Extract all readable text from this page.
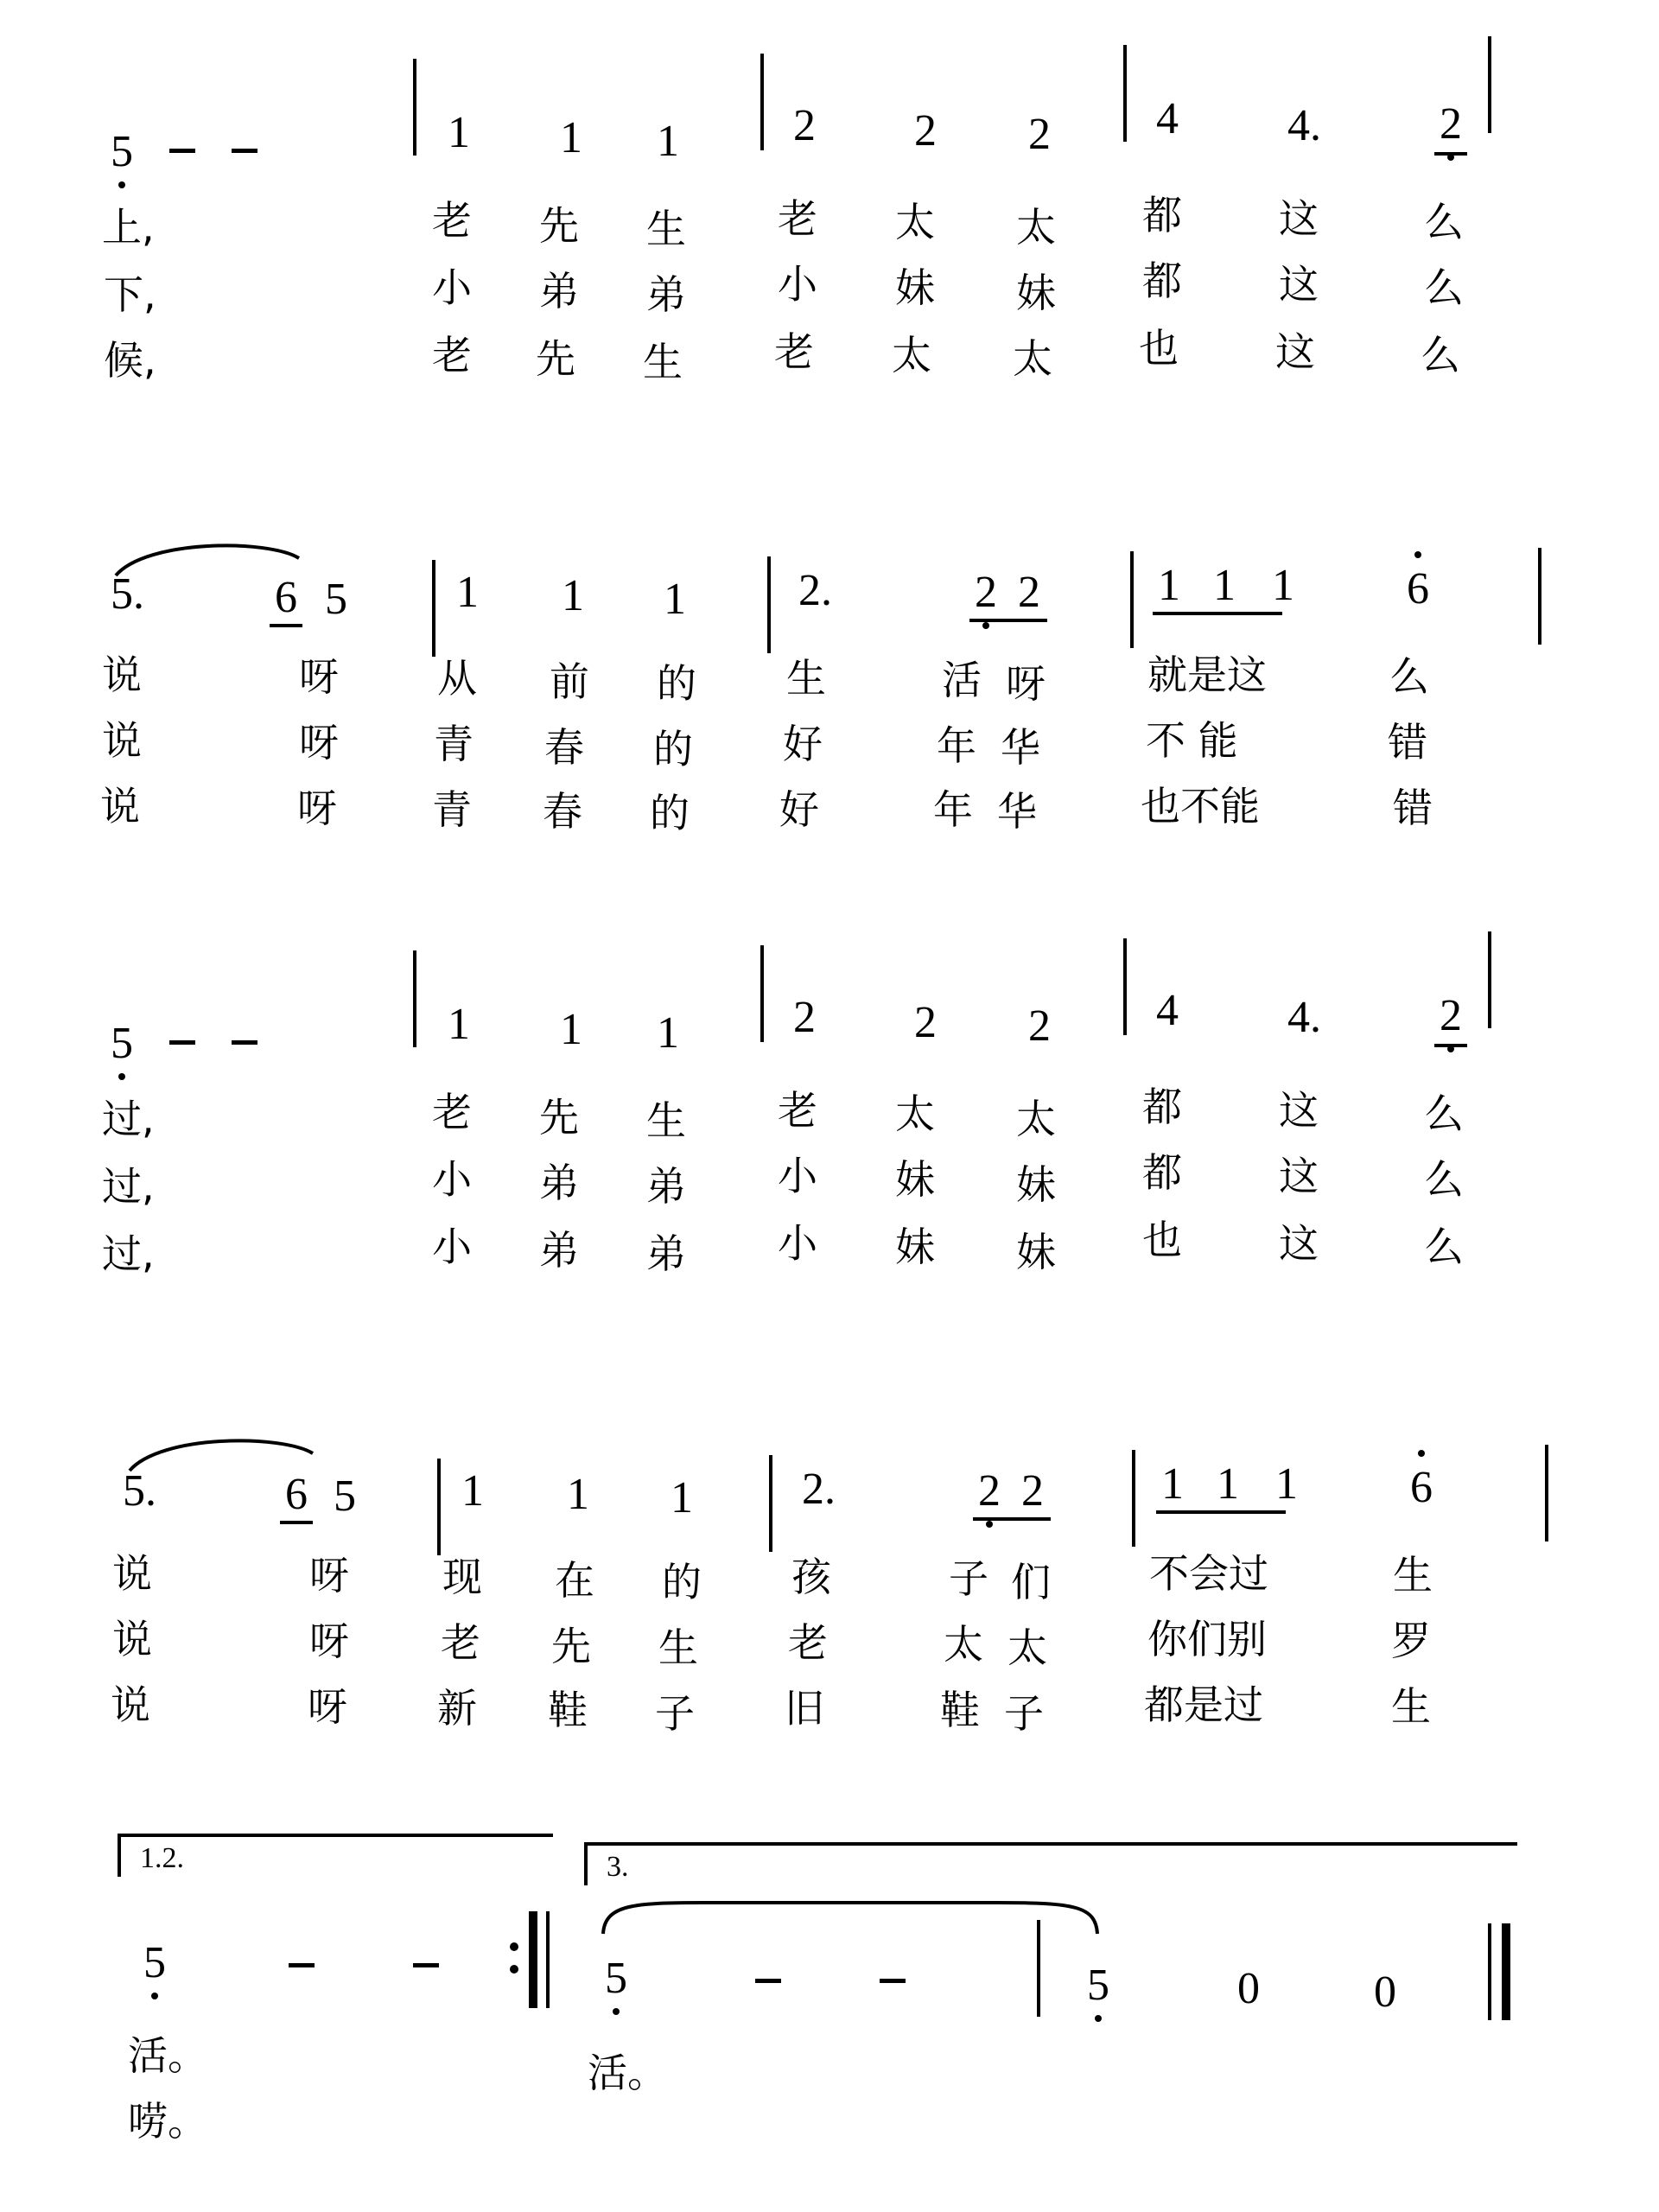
5	1 1 1	2 2 2 4 4.	2
上,	老 先 生 老 太 太 都 这	么
下,	小 弟 弟 小 妹 妹 都 这	么
候,	老 先 生 老 太 太 也 这	么
5.	6 5 1 1 1	2.	2 2	1 1 1	6
说	呀 从 前 的 生	活 呀	就是这	么
说	呀 青 春 的 好	年 华	不 能	错
说	呀 青 春 的 好	年 华	也不能	错
5	1 1 1	2 2 2 4 4.	2
过,	老 先 生 老 太 太 都 这	么
过,	小 弟 弟 小 妹 妹 都 这	么
过,	小 弟 弟 小 妹 妹 也 这	么
5.	6 5 1 1 1 2.	2 2	1 1 1	6
说	呀 现 在 的 孩	子 们 不会过	生
说	呀 老 先 生 老	太 太	你们别	罗
说	呀 新 鞋 子 旧	鞋 子	都是过	生
1.2.	3.
5	5	5	0	0
活。
唠。
活。
